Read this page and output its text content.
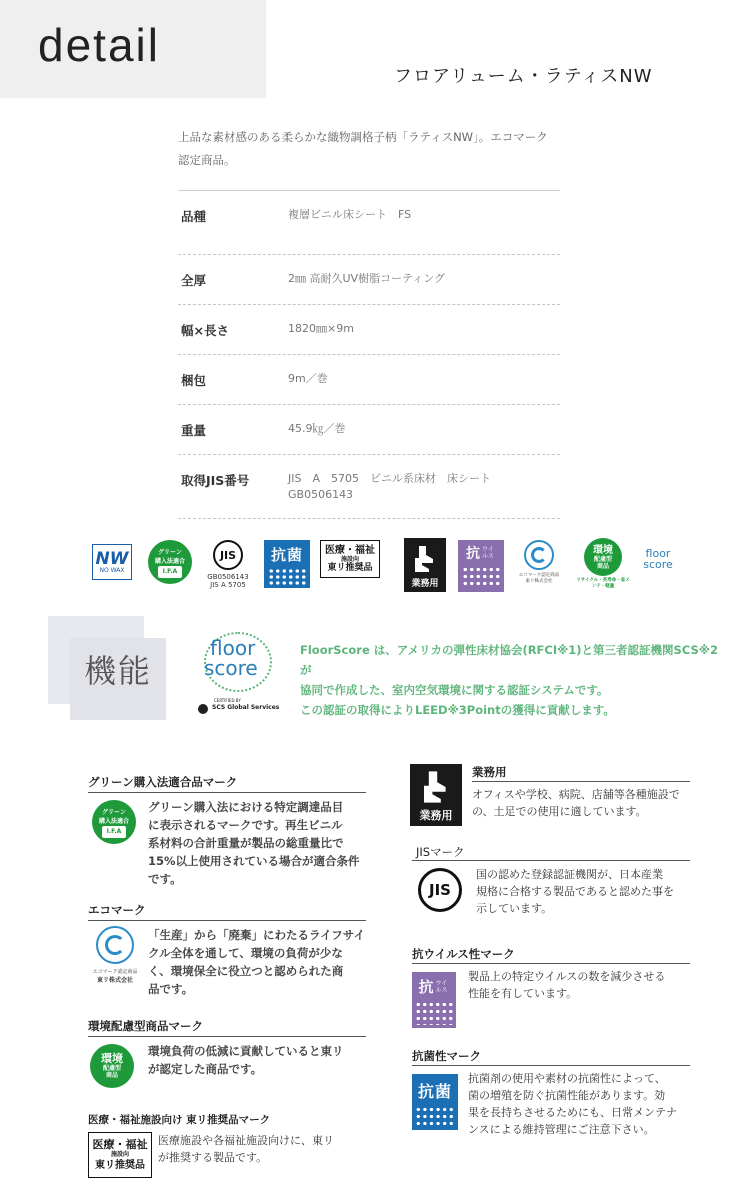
detail
フロアリューム・ラティスNW
上品な素材感のある柔らかな織物調格子柄「ラティスNW」。エコマーク
認定商品。
品種	複層ビニル床シート　FS
全厚	2㎜ 高耐久UV樹脂コーティング
幅×長さ	1820㎜×9m
梱包	9m／巻
重量	45.9㎏／巻
取得JIS番号	JIS　A　5705　ビニル系床材　床シート
GB0506143
NW
NO WAX
グリーン
購入法適合
I.F.A
JIS
GB0506143
JIS A 5705
抗菌 医療・福祉
施設向
東リ推奨品
業務用
抗 ウイ ルス
エコマーク認定商品
東リ株式会社
環境
配慮型
商品
リサイクル・長寿命・省メンテ・軽量
floor
score
機能
floor
score
CERTIFIED BY
SCS Global Services
FloorScore は、アメリカの弾性床材協会(RFCI※1)と第三者認証機関SCS※2が
協同で作成した、室内空気環境に関する認証システムです。
この認証の取得によりLEED※3Pointの獲得に貢献します。
グリーン購入法適合品マーク
グリーン
購入法適合
I.F.A
グリーン購入法における特定調達品目
に表示されるマークです。再生ビニル
系材料の合計重量が製品の総重量比で
15%以上使用されている場合が適合条件
です。
エコマーク
エコマーク認定商品
東リ株式会社
「生産」から「廃棄」にわたるライフサイ
クル全体を通して、環境の負荷が少な
く、環境保全に役立つと認められた商
品です。
環境配慮型商品マーク
環境
配慮型
商品
環境負荷の低減に貢献していると東リ
が認定した商品です。
医療・福祉施設向け 東リ推奨品マーク
医療・福祉
施設向
東リ推奨品
医療施設や各福祉施設向けに、東リ
が推奨する製品です。
業務用
業務用
オフィスや学校、病院、店舗等各種施設で
の、土足での使用に適しています。
JISマーク
JIS
国の認めた登録認証機関が、日本産業
規格に合格する製品であると認めた事を
示しています。
抗ウイルス性マーク
抗 ウイ ルス
製品上の特定ウイルスの数を減少させる
性能を有しています。
抗菌性マーク
抗菌
抗菌剤の使用や素材の抗菌性によって、
菌の増殖を防ぐ抗菌性能があります。効
果を長持ちさせるためにも、日常メンテナ
ンスによる維持管理にご注意下さい。
